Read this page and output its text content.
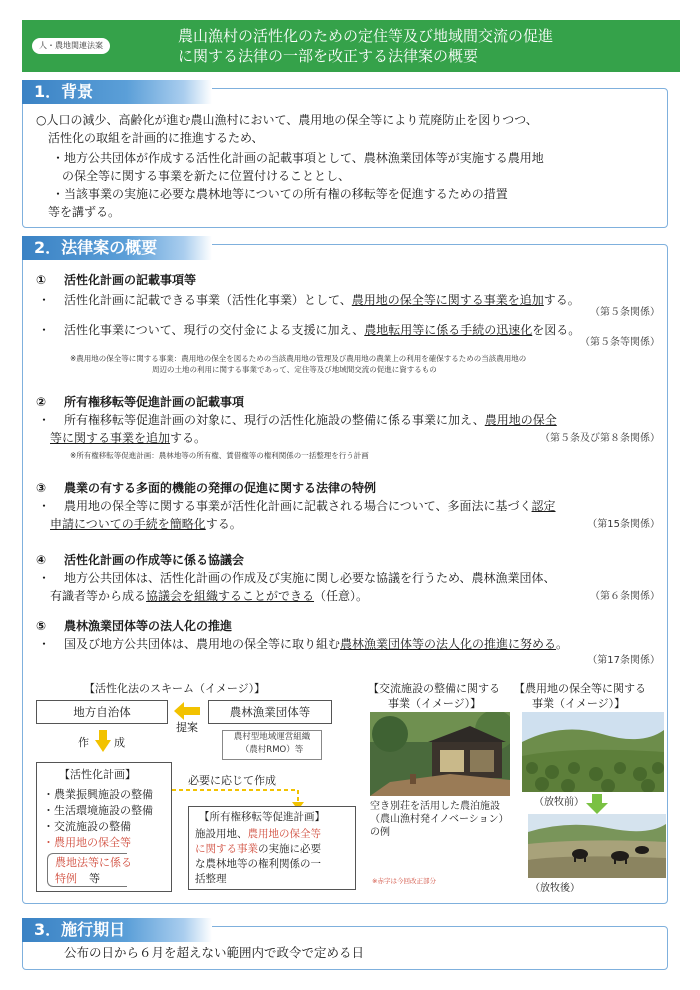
人・農地関連法案
農山漁村の活性化のための定住等及び地域間交流の促進
に関する法律の一部を改正する法律案の概要
1．背景
○人口の減少、高齢化が進む農山漁村において、農用地の保全等により荒廃防止を図りつつ、
活性化の取組を計画的に推進するため、
・地方公共団体が作成する活性化計画の記載事項として、農林漁業団体等が実施する農用地
の保全等に関する事業を新たに位置付けることとし、
・当該事業の実施に必要な農林地等についての所有権の移転等を促進するための措置
等を講ずる。
2．法律案の概要
① 活性化計画の記載事項等
・ 活性化計画に記載できる事業（活性化事業）として、農用地の保全等に関する事業を追加する。
（第５条関係）
・ 活性化事業について、現行の交付金による支援に加え、農地転用等に係る手続の迅速化を図る。
（第５条等関係）
※農用地の保全等に関する事業：農用地の保全を図るための当該農用地の管理及び農用地の農業上の利用を確保するための当該農用地の
周辺の土地の利用に関する事業であって、定住等及び地域間交流の促進に資するもの
② 所有権移転等促進計画の記載事項
・ 所有権移転等促進計画の対象に、現行の活性化施設の整備に係る事業に加え、農用地の保全
等に関する事業を追加する。	（第５条及び第８条関係）
※所有権移転等促進計画：農林地等の所有権、賃借権等の権利関係の一括整理を行う計画
③ 農業の有する多面的機能の発揮の促進に関する法律の特例
・ 農用地の保全等に関する事業が活性化計画に記載される場合について、多面法に基づく認定
申請についての手続を簡略化する。	（第15条関係）
④ 活性化計画の作成等に係る協議会
・ 地方公共団体は、活性化計画の作成及び実施に関し必要な協議を行うため、農林漁業団体、
有識者等から成る協議会を組織することができる（任意）。	（第６条関係）
⑤ 農林漁業団体等の法人化の推進
・ 国及び地方公共団体は、農用地の保全等に取り組む農林漁業団体等の法人化の推進に努める。
（第17条関係）
【活性化法のスキーム（イメージ）】
地方自治体
提案
農林漁業団体等
農村型地域運営組織
（農村RMO）等
作 成
必要に応じて作成
【活性化計画】
・農業振興施設の整備
・生活環境施設の整備
・交流施設の整備
・農用地の保全等
農地法等に係る
特例 等
【所有権移転等促進計画】
施設用地、農用地の保全等
に関する事業の実施に必要
な農林地等の権利関係の一
括整理	※赤字は今回改正部分
【交流施設の整備に関する
事業（イメージ）】
空き別荘を活用した農泊施設
（農山漁村発イノベーション）
の例
【農用地の保全等に関する
事業（イメージ）】
（放牧前）
（放牧後）
3．施行期日
公布の日から６月を超えない範囲内で政令で定める日
